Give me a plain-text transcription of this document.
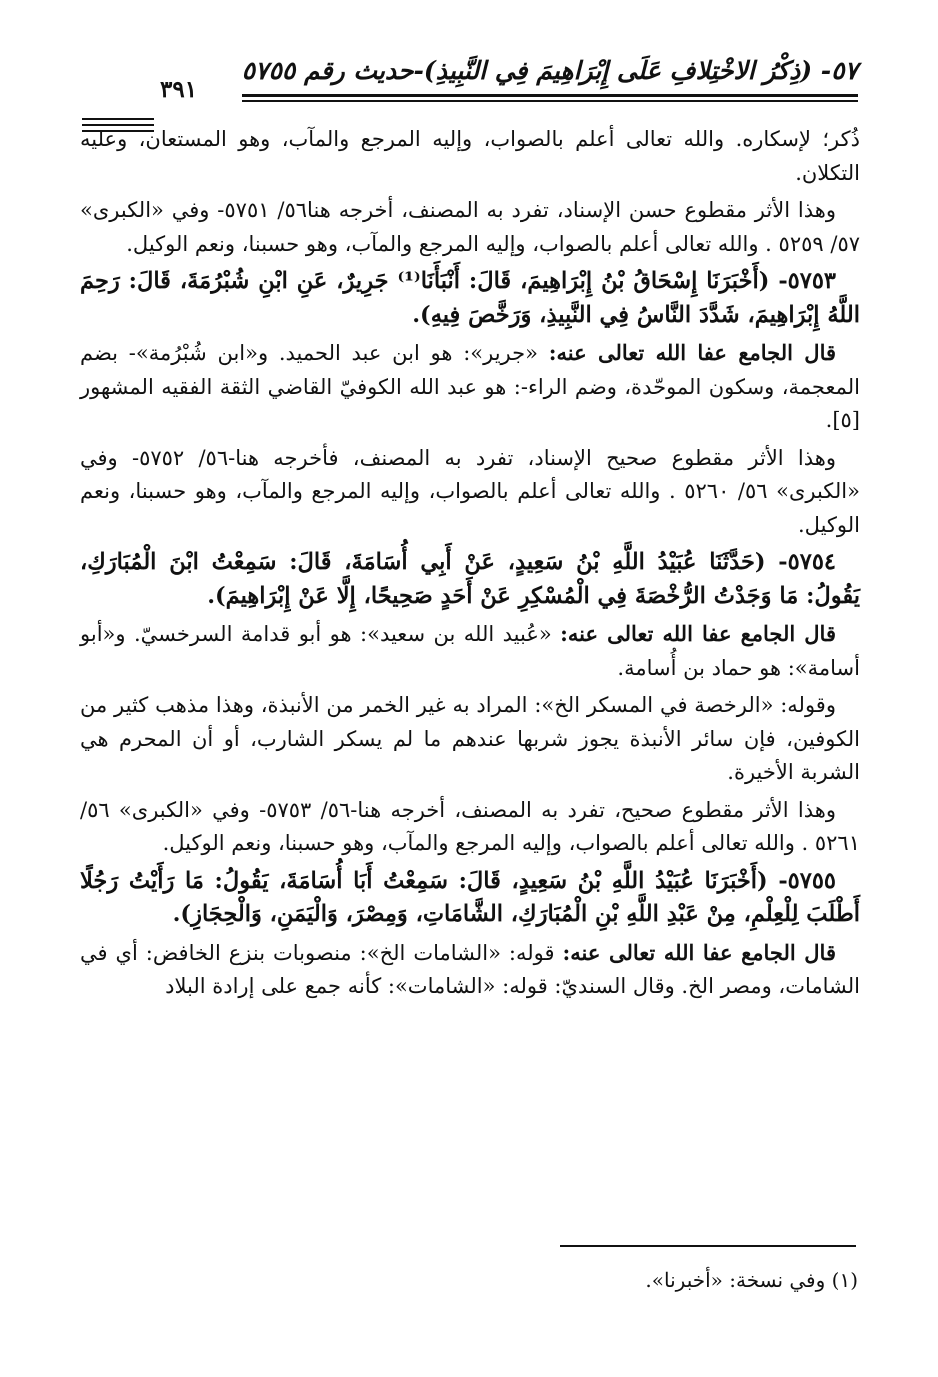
٥٧- (ذِكْرُ الاخْتِلافِ عَلَى إِبْرَاهِيمَ فِي النَّبِيذِ)-حديث رقم ٥٧٥٥
٣٩١

ذُكر؛ لإسكاره. والله تعالى أعلم بالصواب، وإليه المرجع والمآب، وهو المستعان، وعليه التكلان.

وهذا الأثر مقطوع حسن الإسناد، تفرد به المصنف، أخرجه هنا٥٦/ ٥٧٥١- وفي «الكبرى» ٥٧/ ٥٢٥٩ . والله تعالى أعلم بالصواب، وإليه المرجع والمآب، وهو حسبنا، ونعم الوكيل.

٥٧٥٣- (أَخْبَرَنَا إِسْحَاقُ بْنُ إِبْرَاهِيمَ، قَالَ: أَنْبَأَنَا⁽¹⁾ جَرِيرٌ، عَنِ ابْنِ شُبْرُمَةَ، قَالَ: رَحِمَ اللَّهُ إِبْرَاهِيمَ، شَدَّدَ النَّاسُ فِي النَّبِيذِ، وَرَخَّصَ فِيهِ).

قال الجامع عفا الله تعالى عنه: «جرير»: هو ابن عبد الحميد. و«ابن شُبْرُمة»- بضم المعجمة، وسكون الموحّدة، وضم الراء-: هو عبد الله الكوفيّ القاضي الثقة الفقيه المشهور [٥].

وهذا الأثر مقطوع صحيح الإسناد، تفرد به المصنف، فأخرجه هنا-٥٦/ ٥٧٥٢- وفي «الكبرى» ٥٦/ ٥٢٦٠ . والله تعالى أعلم بالصواب، وإليه المرجع والمآب، وهو حسبنا، ونعم الوكيل.

٥٧٥٤- (حَدَّثَنَا عُبَيْدُ اللَّهِ بْنُ سَعِيدٍ، عَنْ أَبِي أُسَامَةَ، قَالَ: سَمِعْتُ ابْنَ الْمُبَارَكِ، يَقُولُ: مَا وَجَدْتُ الرُّخْصَةَ فِي الْمُسْكِرِ عَنْ أَحَدٍ صَحِيحًا، إِلَّا عَنْ إِبْرَاهِيمَ).

قال الجامع عفا الله تعالى عنه: «عُبيد الله بن سعيد»: هو أبو قدامة السرخسيّ. و«أبو أسامة»: هو حماد بن أُسامة.

وقوله: «الرخصة في المسكر الخ»: المراد به غير الخمر من الأنبذة، وهذا مذهب كثير من الكوفين، فإن سائر الأنبذة يجوز شربها عندهم ما لم يسكر الشارب، أو أن المحرم هي الشربة الأخيرة.

وهذا الأثر مقطوع صحيح، تفرد به المصنف، أخرجه هنا-٥٦/ ٥٧٥٣- وفي «الكبرى» ٥٦/ ٥٢٦١ . والله تعالى أعلم بالصواب، وإليه المرجع والمآب، وهو حسبنا، ونعم الوكيل.

٥٧٥٥- (أَخْبَرَنَا عُبَيْدُ اللَّهِ بْنُ سَعِيدٍ، قَالَ: سَمِعْتُ أَبَا أُسَامَةَ، يَقُولُ: مَا رَأَيْتُ رَجُلًا أَطْلَبَ لِلْعِلْمِ، مِنْ عَبْدِ اللَّهِ بْنِ الْمُبَارَكِ، الشَّامَاتِ، وَمِصْرَ، وَالْيَمَنِ، وَالْحِجَازِ).

قال الجامع عفا الله تعالى عنه: قوله: «الشامات الخ»: منصوبات بنزع الخافض: أي في الشامات، ومصر الخ. وقال السنديّ: قوله: «الشامات»: كأنه جمع على إرادة البلاد

(١) وفي نسخة: «أخبرنا».
